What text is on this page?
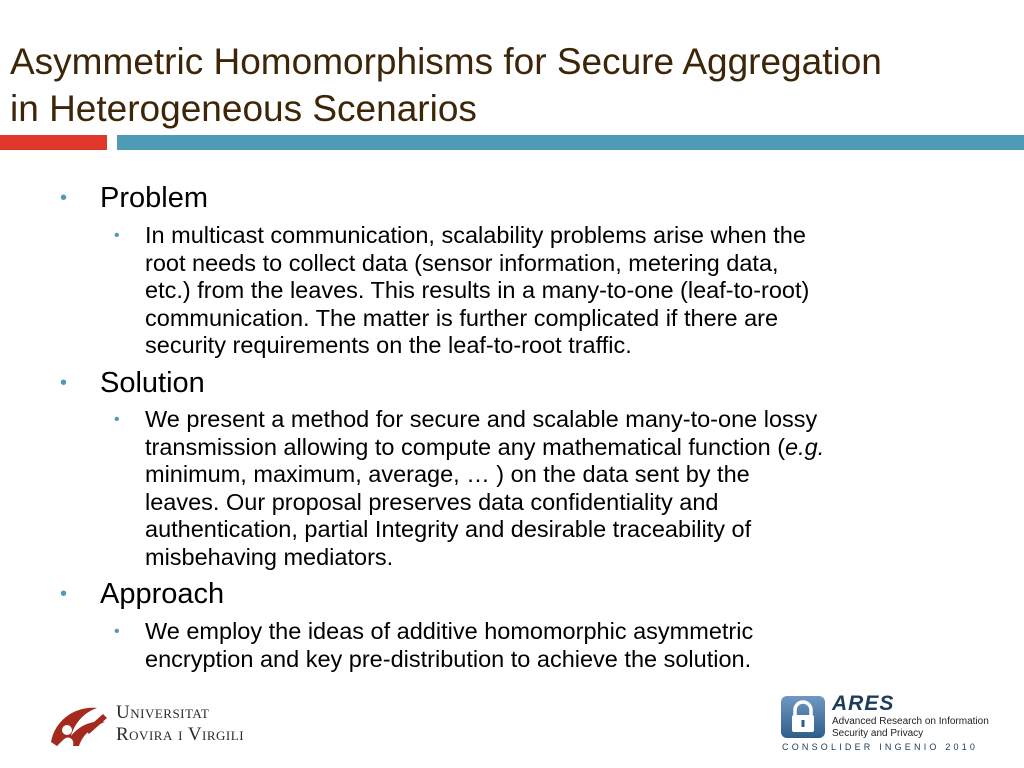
Asymmetric Homomorphisms for Secure Aggregation
in Heterogeneous Scenarios
• Problem
• In multicast communication, scalability problems arise when the
root needs to collect data (sensor information, metering data,
etc.) from the leaves. This results in a many-to-one (leaf-to-root)
communication. The matter is further complicated if there are
security requirements on the leaf-to-root traffic.
• Solution
• We present a method for secure and scalable many-to-one lossy
transmission allowing to compute any mathematical function (e.g.
minimum, maximum, average, … ) on the data sent by the
leaves. Our proposal preserves data confidentiality and
authentication, partial Integrity and desirable traceability of
misbehaving mediators.
• Approach
• We employ the ideas of additive homomorphic asymmetric
encryption and key pre-distribution to achieve the solution.
Universitat
Rovira i Virgili
ARES
Advanced Research on Information
Security and Privacy
CONSOLIDER INGENIO 2010
